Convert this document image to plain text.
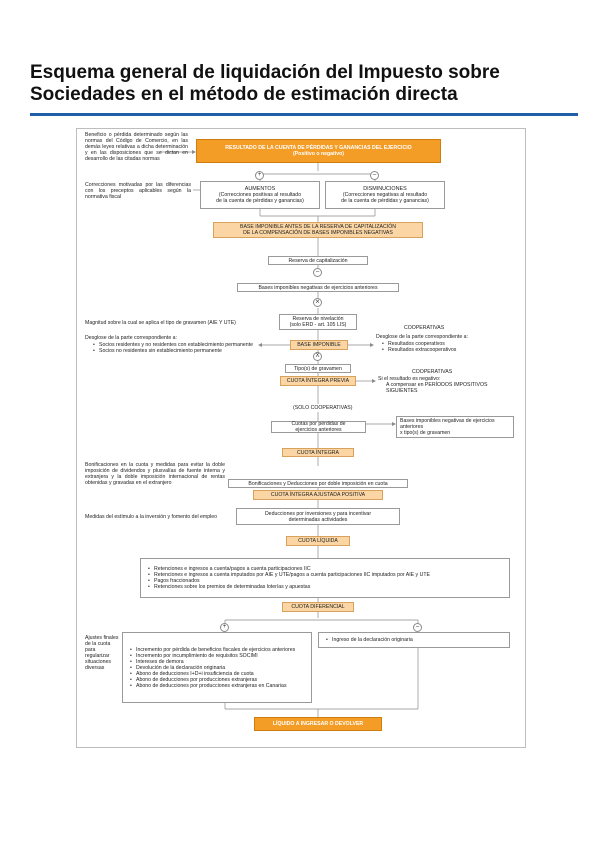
Esquema general de liquidación del Impuesto sobre
Sociedades en el método de estimación directa
Beneficio o pérdida determinado según las normas del Código de Comercio, en las demás leyes relativas a dicha determinación y en las disposiciones que se dictan en desarrollo de las citadas normas
RESULTADO DE LA CUENTA DE PÉRDIDAS Y GANANCIAS DEL EJERCICIO
(Positivo o negativo)
+	–
Correcciones motivadas por las diferencias con los preceptos aplicables según la normativa fiscal
AUMENTOS
(Correcciones positivas al resultado
de la cuenta de pérdidas y ganancias)
DISMINUCIONES
(Correcciones negativas al resultado
de la cuenta de pérdidas y ganancias)
BASE IMPONIBLE ANTES DE LA RESERVA DE CAPITALIZACIÓN
DE LA COMPENSACIÓN DE BASES IMPONIBLES NEGATIVAS
Reserva de capitalización
–
Bases imponibles negativas de ejercicios anteriores
⨯
Reserva de nivelación
(solo ERD - art. 105 LIS)
Magnitud sobre la cual se aplica el tipo de gravamen (AIE Y UTE)
Desglose de la parte correspondiente a:
• Socios residentes y no residentes con establecimiento permanente
• Socios no residentes sin establecimiento permanente
BASE IMPONIBLE
COOPERATIVAS
Desglose de la parte correspondiente a:
• Resultados cooperativos
• Resultados extracooperativos
X
Tipo(s) de gravamen
CUOTA ÍNTEGRA PREVIA
COOPERATIVAS
Si el resultado es negativo:
A compensar en PERÍODOS IMPOSITIVOS SIGUIENTES
(SOLO COOPERATIVAS)
Cuotas por pérdidas de
ejercicios anteriores
Bases imponibles negativas de ejercicios
anteriores
x tipo(s) de gravamen
CUOTA ÍNTEGRA
Bonificaciones en la cuota y medidas para evitar la doble imposición de dividendos y plusvalías de fuente interna y extranjera y la doble imposición internacional de rentas obtenidas y gravadas en el extranjero	Bonificaciones y Deducciones por doble imposición en cuota
CUOTA ÍNTEGRA AJUSTADA POSITIVA
Medidas del estímulo a la inversión y fomento del empleo
Deducciones por inversiones y para incentivar
determinadas actividades
CUOTA LÍQUIDA
• Retenciones e ingresos a cuenta/pagos a cuenta participaciones IIC
• Retenciones e ingresos a cuenta imputados por AIE y UTE/pagos a cuenta participaciones IIC imputados por AIE y UTE
• Pagos fraccionados
• Retenciones sobre los premios de determinadas loterías y apuestas
CUOTA DIFERENCIAL
+	–
Ajustes finales de la cuota para regularizar situaciones diversas
• Incremento por pérdida de beneficios fiscales de ejercicios anteriores
• Incremento por incumplimiento de requisitos SOCIMI
• Intereses de demora
• Devolución de la declaración originaria
• Abono de deducciones I+D+i insuficiencia de cuota
• Abono de deducciones por producciones extranjeras
• Abono de deducciones por producciones extranjeras en Canarias
• Ingreso de la declaración originaria
LÍQUIDO A INGRESAR O DEVOLVER
